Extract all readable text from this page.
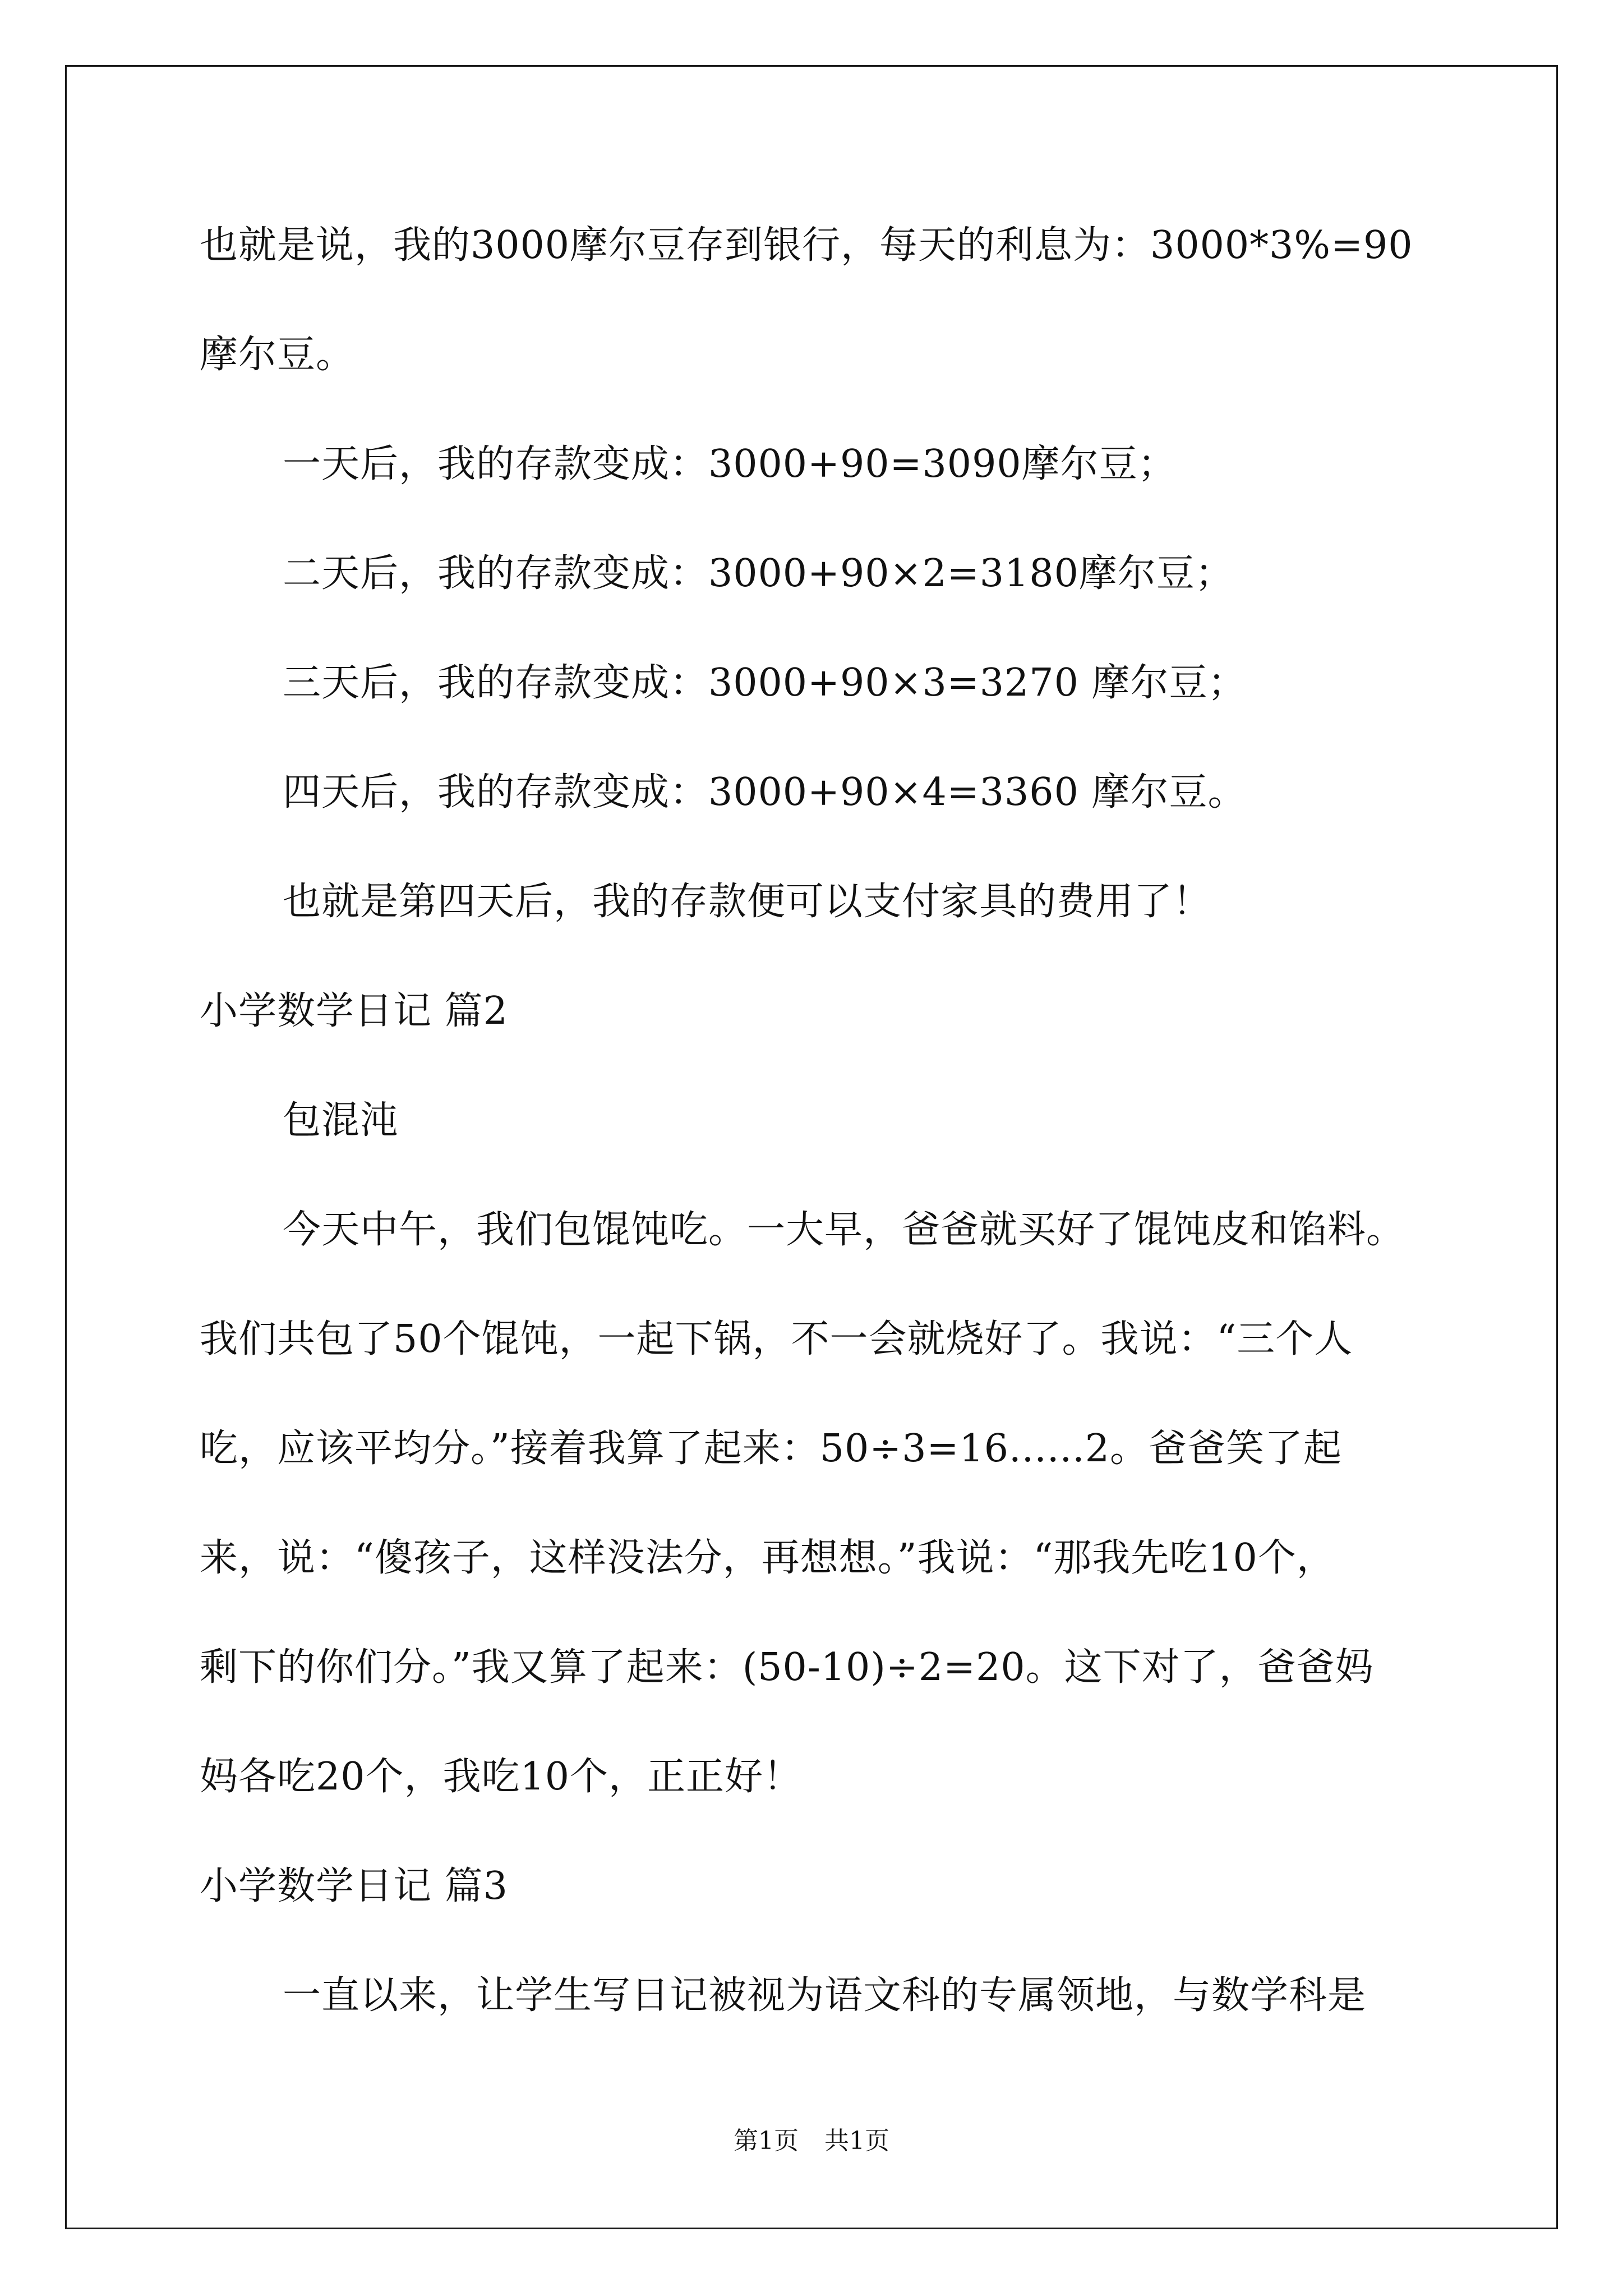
也就是说，我的3000摩尔豆存到银行，每天的利息为：3000*3%=90
摩尔豆。
一天后，我的存款变成：3000+90=3090摩尔豆；
二天后，我的存款变成：3000+90×2=3180摩尔豆；
三天后，我的存款变成：3000+90×3=3270 摩尔豆；
四天后，我的存款变成：3000+90×4=3360 摩尔豆。
也就是第四天后，我的存款便可以支付家具的费用了！
小学数学日记 篇2
包混沌
今天中午，我们包馄饨吃。一大早，爸爸就买好了馄饨皮和馅料。
我们共包了50个馄饨，一起下锅，不一会就烧好了。我说：“三个人
吃，应该平均分。”接着我算了起来：50÷3=16......2。爸爸笑了起
来，说：“傻孩子，这样没法分，再想想。”我说：“那我先吃10个，
剩下的你们分。”我又算了起来：(50-10)÷2=20。这下对了，爸爸妈
妈各吃20个，我吃10个，正正好！
小学数学日记 篇3
一直以来，让学生写日记被视为语文科的专属领地，与数学科是
第1页 共1页
